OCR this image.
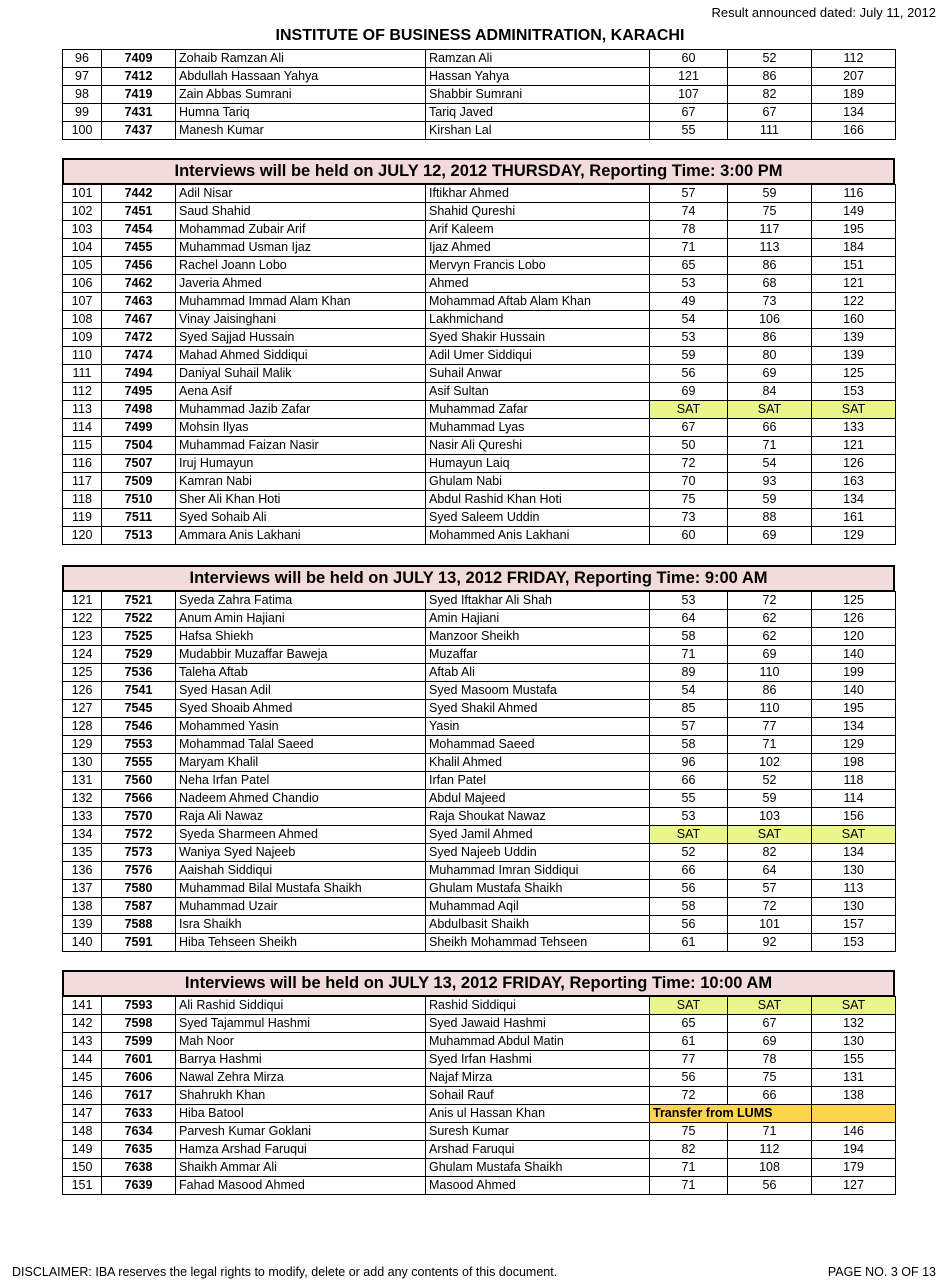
Result announced dated: July 11, 2012
INSTITUTE OF BUSINESS ADMINITRATION, KARACHI
96	7409	Zohaib Ramzan Ali	Ramzan Ali	60	52	112
97	7412	Abdullah Hassaan Yahya	Hassan Yahya	121	86	207
98	7419	Zain Abbas Sumrani	Shabbir Sumrani	107	82	189
99	7431	Humna Tariq	Tariq Javed	67	67	134
100	7437	Manesh Kumar	Kirshan Lal	55	111	166
Interviews will be held on JULY 12, 2012 THURSDAY, Reporting Time: 3:00 PM
101	7442	Adil Nisar	Iftikhar Ahmed	57	59	116
102	7451	Saud Shahid	Shahid Qureshi	74	75	149
103	7454	Mohammad Zubair Arif	Arif Kaleem	78	117	195
104	7455	Muhammad Usman Ijaz	Ijaz Ahmed	71	113	184
105	7456	Rachel Joann Lobo	Mervyn Francis Lobo	65	86	151
106	7462	Javeria Ahmed	Ahmed	53	68	121
107	7463	Muhammad Immad Alam Khan	Mohammad Aftab Alam Khan	49	73	122
108	7467	Vinay Jaisinghani	Lakhmichand	54	106	160
109	7472	Syed Sajjad Hussain	Syed Shakir Hussain	53	86	139
110	7474	Mahad Ahmed Siddiqui	Adil Umer Siddiqui	59	80	139
111	7494	Daniyal Suhail Malik	Suhail Anwar	56	69	125
112	7495	Aena Asif	Asif Sultan	69	84	153
113	7498	Muhammad Jazib Zafar	Muhammad Zafar	SAT	SAT	SAT
114	7499	Mohsin Ilyas	Muhammad Lyas	67	66	133
115	7504	Muhammad Faizan Nasir	Nasir Ali Qureshi	50	71	121
116	7507	Iruj Humayun	Humayun Laiq	72	54	126
117	7509	Kamran Nabi	Ghulam Nabi	70	93	163
118	7510	Sher Ali Khan Hoti	Abdul Rashid Khan Hoti	75	59	134
119	7511	Syed Sohaib Ali	Syed Saleem Uddin	73	88	161
120	7513	Ammara Anis Lakhani	Mohammed Anis Lakhani	60	69	129
Interviews will be held on JULY 13, 2012 FRIDAY, Reporting Time: 9:00 AM
121	7521	Syeda Zahra Fatima	Syed Iftakhar Ali Shah	53	72	125
122	7522	Anum Amin Hajiani	Amin Hajiani	64	62	126
123	7525	Hafsa Shiekh	Manzoor Sheikh	58	62	120
124	7529	Mudabbir Muzaffar Baweja	Muzaffar	71	69	140
125	7536	Taleha Aftab	Aftab Ali	89	110	199
126	7541	Syed Hasan Adil	Syed Masoom Mustafa	54	86	140
127	7545	Syed Shoaib Ahmed	Syed Shakil Ahmed	85	110	195
128	7546	Mohammed Yasin	Yasin	57	77	134
129	7553	Mohammad Talal Saeed	Mohammad Saeed	58	71	129
130	7555	Maryam Khalil	Khalil Ahmed	96	102	198
131	7560	Neha Irfan Patel	Irfan Patel	66	52	118
132	7566	Nadeem Ahmed Chandio	Abdul Majeed	55	59	114
133	7570	Raja Ali Nawaz	Raja Shoukat Nawaz	53	103	156
134	7572	Syeda Sharmeen Ahmed	Syed Jamil Ahmed	SAT	SAT	SAT
135	7573	Waniya Syed Najeeb	Syed Najeeb Uddin	52	82	134
136	7576	Aaishah Siddiqui	Muhammad Imran Siddiqui	66	64	130
137	7580	Muhammad Bilal Mustafa Shaikh	Ghulam Mustafa Shaikh	56	57	113
138	7587	Muhammad Uzair	Muhammad Aqil	58	72	130
139	7588	Isra Shaikh	Abdulbasit Shaikh	56	101	157
140	7591	Hiba Tehseen Sheikh	Sheikh Mohammad Tehseen	61	92	153
Interviews will be held on JULY 13, 2012 FRIDAY, Reporting Time: 10:00 AM
141	7593	Ali Rashid Siddiqui	Rashid Siddiqui	SAT	SAT	SAT
142	7598	Syed Tajammul Hashmi	Syed Jawaid Hashmi	65	67	132
143	7599	Mah Noor	Muhammad Abdul Matin	61	69	130
144	7601	Barrya Hashmi	Syed Irfan Hashmi	77	78	155
145	7606	Nawal Zehra Mirza	Najaf Mirza	56	75	131
146	7617	Shahrukh Khan	Sohail Rauf	72	66	138
147	7633	Hiba Batool	Anis ul Hassan Khan	Transfer from LUMS		
148	7634	Parvesh Kumar Goklani	Suresh Kumar	75	71	146
149	7635	Hamza Arshad Faruqui	Arshad Faruqui	82	112	194
150	7638	Shaikh Ammar Ali	Ghulam Mustafa Shaikh	71	108	179
151	7639	Fahad Masood Ahmed	Masood Ahmed	71	56	127
DISCLAIMER: IBA reserves the legal rights to modify, delete or add any contents of this document.	PAGE NO. 3 OF 13
